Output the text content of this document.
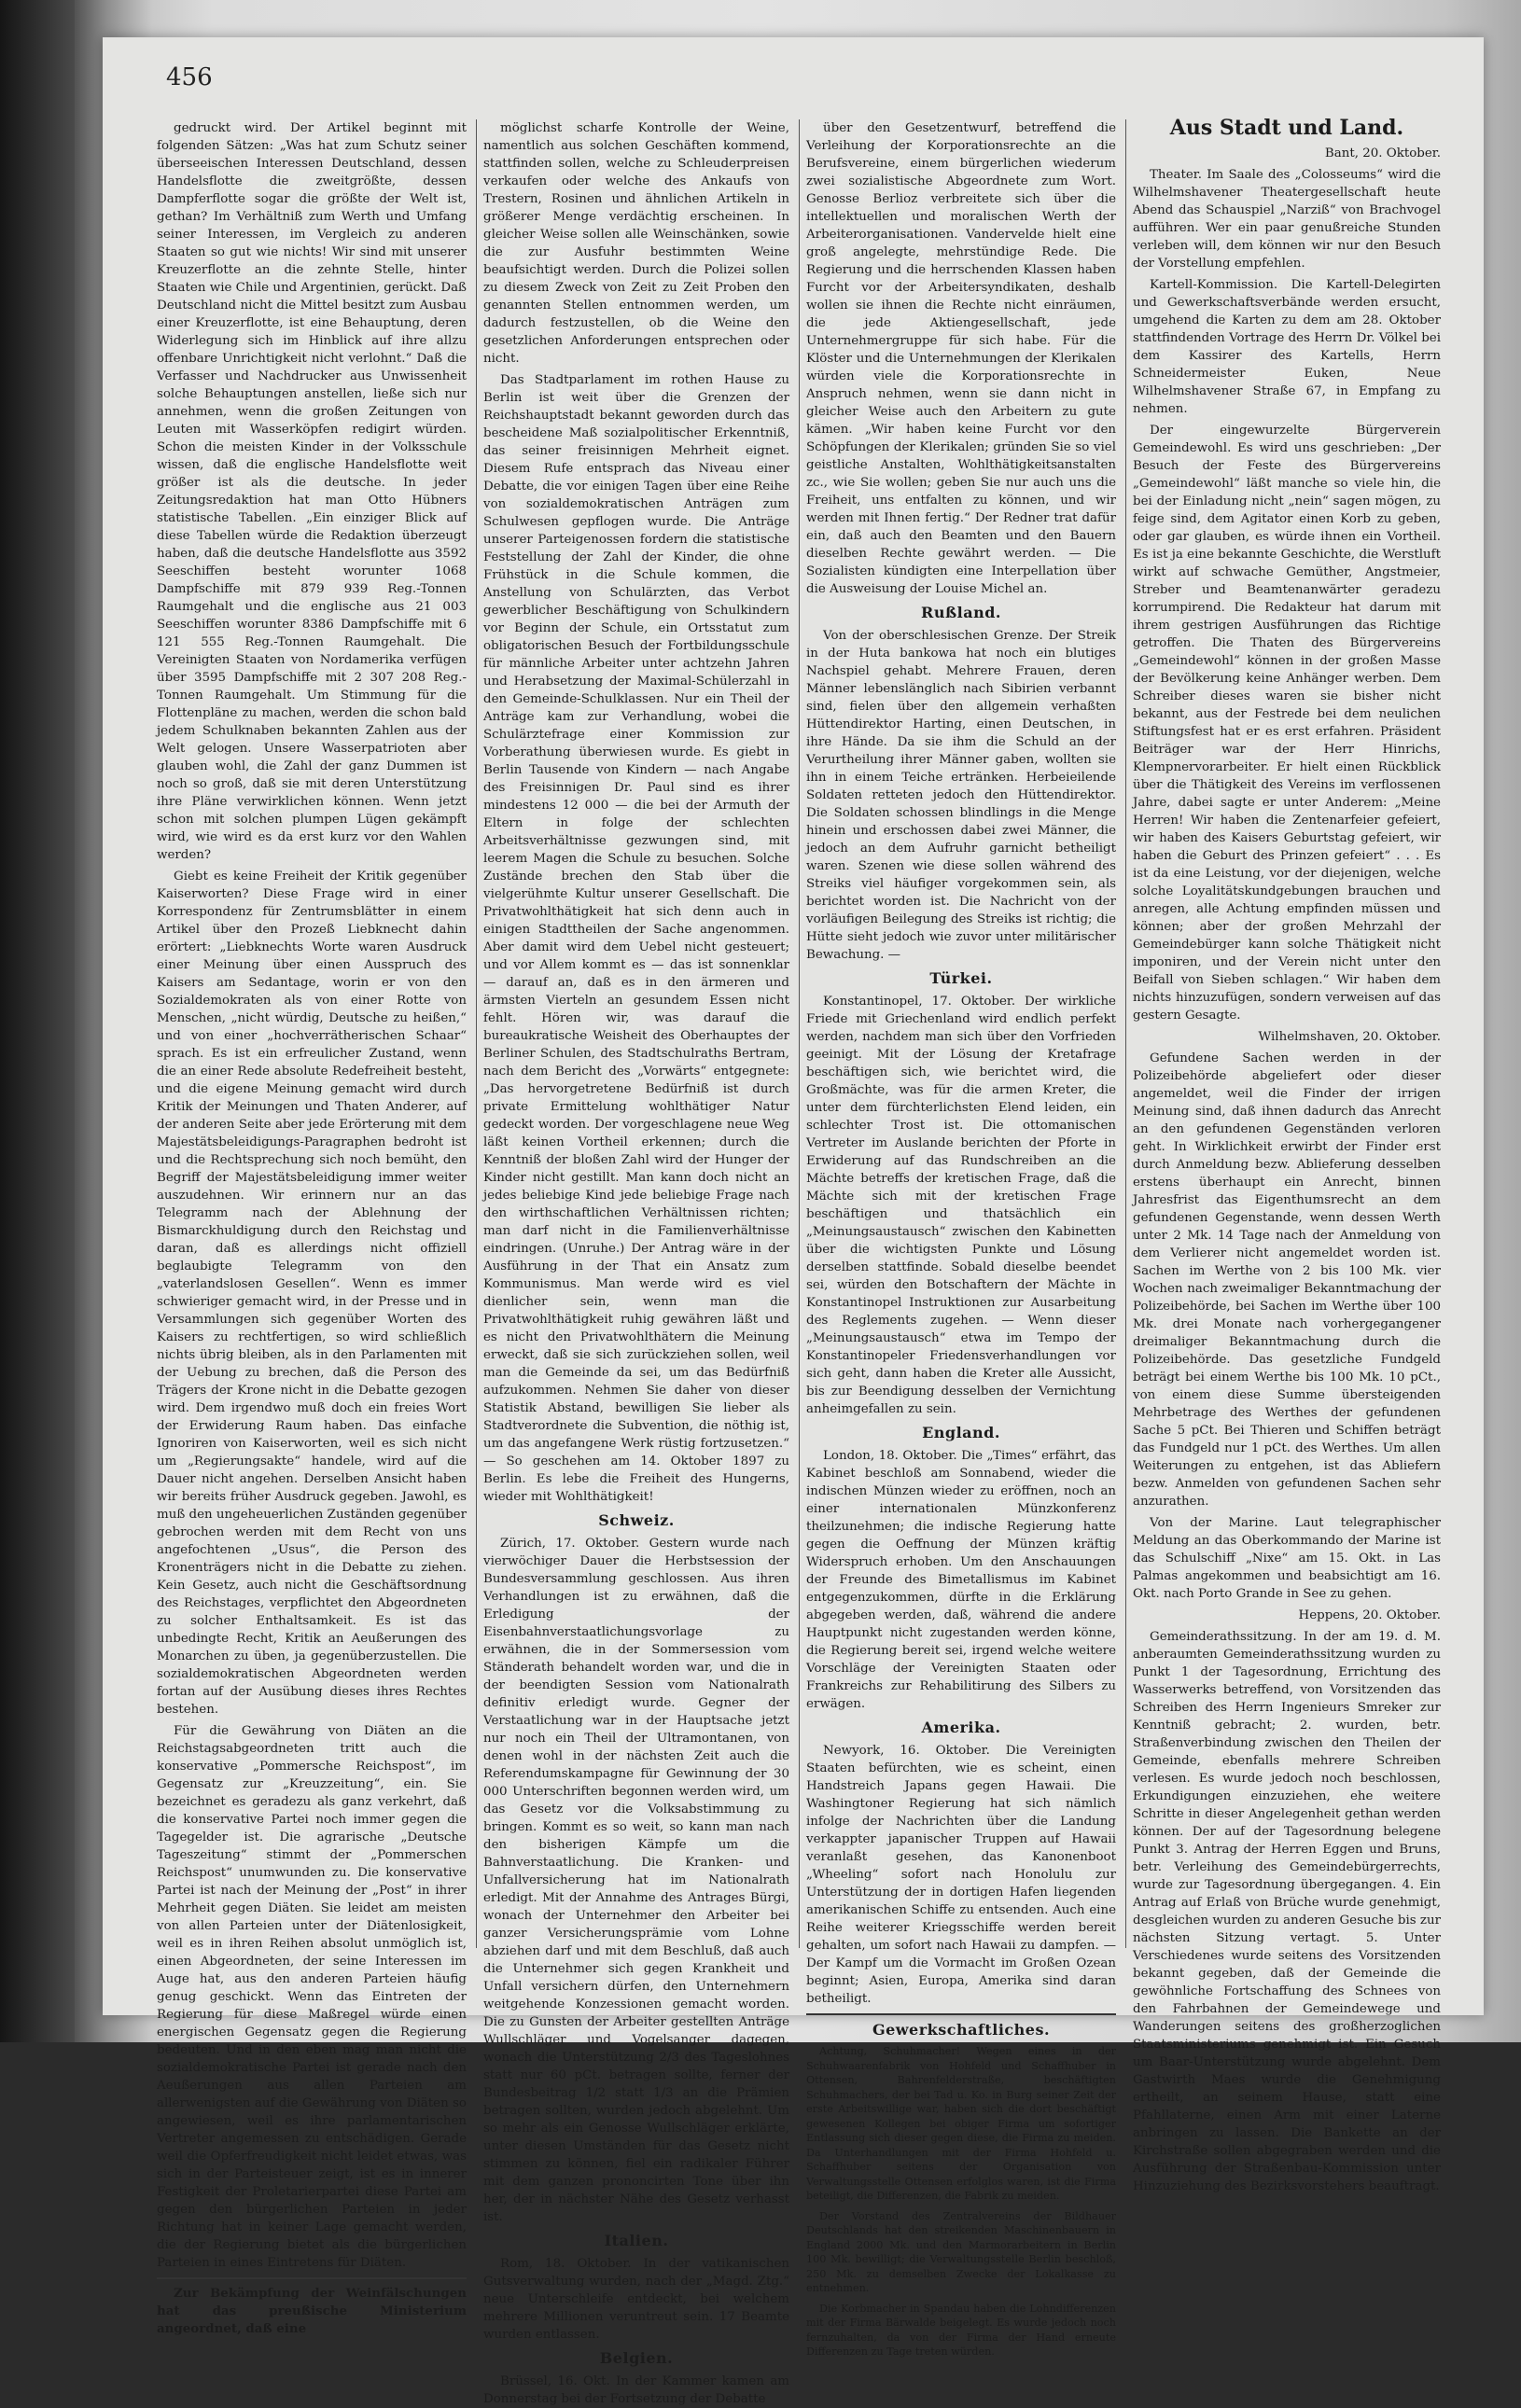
456

gedruckt wird. Der Artikel beginnt mit folgenden Sätzen: „Was hat zum Schutz seiner überseeischen Interessen Deutschland, dessen Handelsflotte die zweitgrößte, dessen Dampferflotte sogar die größte der Welt ist, gethan? Im Verhältniß zum Werth und Umfang seiner Interessen, im Vergleich zu anderen Staaten so gut wie nichts! Wir sind mit unserer Kreuzerflotte an die zehnte Stelle, hinter Staaten wie Chile und Argentinien, gerückt. Daß Deutschland nicht die Mittel besitzt zum Ausbau einer Kreuzerflotte, ist eine Behauptung, deren Widerlegung sich im Hinblick auf ihre allzu offenbare Unrichtigkeit nicht verlohnt.“ Daß die Verfasser und Nachdrucker aus Unwissenheit solche Behauptungen anstellen, ließe sich nur annehmen, wenn die großen Zeitungen von Leuten mit Wasserköpfen redigirt würden. Schon die meisten Kinder in der Volksschule wissen, daß die englische Handelsflotte weit größer ist als die deutsche. In jeder Zeitungsredaktion hat man Otto Hübners statistische Tabellen. „Ein einziger Blick auf diese Tabellen würde die Redaktion überzeugt haben, daß die deutsche Handelsflotte aus 3592 Seeschiffen besteht worunter 1068 Dampfschiffe mit 879 939 Reg.-Tonnen Raumgehalt und die englische aus 21 003 Seeschiffen worunter 8386 Dampfschiffe mit 6 121 555 Reg.-Tonnen Raumgehalt. Die Vereinigten Staaten von Nordamerika verfügen über 3595 Dampfschiffe mit 2 307 208 Reg.-Tonnen Raumgehalt. Um Stimmung für die Flottenpläne zu machen, werden die schon bald jedem Schulknaben bekannten Zahlen aus der Welt gelogen. Unsere Wasserpatrioten aber glauben wohl, die Zahl der ganz Dummen ist noch so groß, daß sie mit deren Unterstützung ihre Pläne verwirklichen können. Wenn jetzt schon mit solchen plumpen Lügen gekämpft wird, wie wird es da erst kurz vor den Wahlen werden?

Giebt es keine Freiheit der Kritik gegenüber Kaiserworten? Diese Frage wird in einer Korrespondenz für Zentrumsblätter in einem Artikel über den Prozeß Liebknecht dahin erörtert: „Liebknechts Worte waren Ausdruck einer Meinung über einen Ausspruch des Kaisers am Sedantage, worin er von den Sozialdemokraten als von einer Rotte von Menschen, „nicht würdig, Deutsche zu heißen,“ und von einer „hochverrätherischen Schaar“ sprach. Es ist ein erfreulicher Zustand, wenn die an einer Rede absolute Redefreiheit besteht, und die eigene Meinung gemacht wird durch Kritik der Meinungen und Thaten Anderer, auf der anderen Seite aber jede Erörterung mit dem Majestätsbeleidigungs-Paragraphen bedroht ist und die Rechtsprechung sich noch bemüht, den Begriff der Majestätsbeleidigung immer weiter auszudehnen. Wir erinnern nur an das Telegramm nach der Ablehnung der Bismarckhuldigung durch den Reichstag und daran, daß es allerdings nicht offiziell beglaubigte Telegramm von den „vaterlandslosen Gesellen“. Wenn es immer schwieriger gemacht wird, in der Presse und in Versammlungen sich gegenüber Worten des Kaisers zu rechtfertigen, so wird schließlich nichts übrig bleiben, als in den Parlamenten mit der Uebung zu brechen, daß die Person des Trägers der Krone nicht in die Debatte gezogen wird. Dem irgendwo muß doch ein freies Wort der Erwiderung Raum haben. Das einfache Ignoriren von Kaiserworten, weil es sich nicht um „Regierungsakte“ handele, wird auf die Dauer nicht angehen. Derselben Ansicht haben wir bereits früher Ausdruck gegeben. Jawohl, es muß den ungeheuerlichen Zuständen gegenüber gebrochen werden mit dem Recht von uns angefochtenen „Usus“, die Person des Kronenträgers nicht in die Debatte zu ziehen. Kein Gesetz, auch nicht die Geschäftsordnung des Reichstages, verpflichtet den Abgeordneten zu solcher Enthaltsamkeit. Es ist das unbedingte Recht, Kritik an Aeußerungen des Monarchen zu üben, ja gegenüberzustellen. Die sozialdemokratischen Abgeordneten werden fortan auf der Ausübung dieses ihres Rechtes bestehen.

Für die Gewährung von Diäten an die Reichstagsabgeordneten tritt auch die konservative „Pommersche Reichspost“, im Gegensatz zur „Kreuzzeitung“, ein. Sie bezeichnet es geradezu als ganz verkehrt, daß die konservative Partei noch immer gegen die Tagegelder ist. Die agrarische „Deutsche Tageszeitung“ stimmt der „Pommerschen Reichspost“ unumwunden zu. Die konservative Partei ist nach der Meinung der „Post“ in ihrer Mehrheit gegen Diäten. Sie leidet am meisten von allen Parteien unter der Diätenlosigkeit, weil es in ihren Reihen absolut unmöglich ist, einen Abgeordneten, der seine Interessen im Auge hat, aus den anderen Parteien häufig genug geschickt. Wenn das Eintreten der Regierung für diese Maßregel würde einen energischen Gegensatz gegen die Regierung bedeuten. Und in den eben mag man nicht die sozialdemokratische Partei ist gerade nach den Aeußerungen aus allen Parteien am allerwenigsten auf die Gewährung von Diäten so angewiesen, weil es ihre parlamentarischen Vertreter angemessen zu entschädigen. Gerade weil die Opferfreudigkeit nicht leidet etwas, was sich in der Parteisteuer zeigt, ist es in innerer Festigkeit der Proletarierpartei diese Partei am gegen den bürgerlichen Parteien in jeder Richtung hat in keiner Lage gemacht werden, die der Regierung bietet als die bürgerlichen Parteien in eines Eintretens für Diäten.

Zur Bekämpfung der Weinfälschungen hat das preußische Ministerium angeordnet, daß eine

möglichst scharfe Kontrolle der Weine, namentlich aus solchen Geschäften kommend, stattfinden sollen, welche zu Schleuderpreisen verkaufen oder welche des Ankaufs von Trestern, Rosinen und ähnlichen Artikeln in größerer Menge verdächtig erscheinen. In gleicher Weise sollen alle Weinschänken, sowie die zur Ausfuhr bestimmten Weine beaufsichtigt werden. Durch die Polizei sollen zu diesem Zweck von Zeit zu Zeit Proben den genannten Stellen entnommen werden, um dadurch festzustellen, ob die Weine den gesetzlichen Anforderungen entsprechen oder nicht.

Das Stadtparlament im rothen Hause zu Berlin ist weit über die Grenzen der Reichshauptstadt bekannt geworden durch das bescheidene Maß sozialpolitischer Erkenntniß, das seiner freisinnigen Mehrheit eignet. Diesem Rufe entsprach das Niveau einer Debatte, die vor einigen Tagen über eine Reihe von sozialdemokratischen Anträgen zum Schulwesen gepflogen wurde. Die Anträge unserer Parteigenossen fordern die statistische Feststellung der Zahl der Kinder, die ohne Frühstück in die Schule kommen, die Anstellung von Schulärzten, das Verbot gewerblicher Beschäftigung von Schulkindern vor Beginn der Schule, ein Ortsstatut zum obligatorischen Besuch der Fortbildungsschule für männliche Arbeiter unter achtzehn Jahren und Herabsetzung der Maximal-Schülerzahl in den Gemeinde-Schulklassen. Nur ein Theil der Anträge kam zur Verhandlung, wobei die Schulärztefrage einer Kommission zur Vorberathung überwiesen wurde. Es giebt in Berlin Tausende von Kindern — nach Angabe des Freisinnigen Dr. Paul sind es ihrer mindestens 12 000 — die bei der Armuth der Eltern in folge der schlechten Arbeitsverhältnisse gezwungen sind, mit leerem Magen die Schule zu besuchen. Solche Zustände brechen den Stab über die vielgerühmte Kultur unserer Gesellschaft. Die Privatwohlthätigkeit hat sich denn auch in einigen Stadttheilen der Sache angenommen. Aber damit wird dem Uebel nicht gesteuert; und vor Allem kommt es — das ist sonnenklar — darauf an, daß es in den ärmeren und ärmsten Vierteln an gesundem Essen nicht fehlt. Hören wir, was darauf die bureaukratische Weisheit des Oberhauptes der Berliner Schulen, des Stadtschulraths Bertram, nach dem Bericht des „Vorwärts“ entgegnete: „Das hervorgetretene Bedürfniß ist durch private Ermittelung wohlthätiger Natur gedeckt worden. Der vorgeschlagene neue Weg läßt keinen Vortheil erkennen; durch die Kenntniß der bloßen Zahl wird der Hunger der Kinder nicht gestillt. Man kann doch nicht an jedes beliebige Kind jede beliebige Frage nach den wirthschaftlichen Verhältnissen richten; man darf nicht in die Familienverhältnisse eindringen. (Unruhe.) Der Antrag wäre in der Ausführung in der That ein Ansatz zum Kommunismus. Man werde wird es viel dienlicher sein, wenn man die Privatwohlthätigkeit ruhig gewähren läßt und es nicht den Privatwohlthätern die Meinung erweckt, daß sie sich zurückziehen sollen, weil man die Gemeinde da sei, um das Bedürfniß aufzukommen. Nehmen Sie daher von dieser Statistik Abstand, bewilligen Sie lieber als Stadtverordnete die Subvention, die nöthig ist, um das angefangene Werk rüstig fortzusetzen.“ — So geschehen am 14. Oktober 1897 zu Berlin. Es lebe die Freiheit des Hungerns, wieder mit Wohlthätigkeit!

Schweiz.

Zürich, 17. Oktober. Gestern wurde nach vierwöchiger Dauer die Herbstsession der Bundesversammlung geschlossen. Aus ihren Verhandlungen ist zu erwähnen, daß die Erledigung der Eisenbahnverstaatlichungsvorlage zu erwähnen, die in der Sommersession vom Ständerath behandelt worden war, und die in der beendigten Session vom Nationalrath definitiv erledigt wurde. Gegner der Verstaatlichung war in der Hauptsache jetzt nur noch ein Theil der Ultramontanen, von denen wohl in der nächsten Zeit auch die Referendumskampagne für Gewinnung der 30 000 Unterschriften begonnen werden wird, um das Gesetz vor die Volksabstimmung zu bringen. Kommt es so weit, so kann man nach den bisherigen Kämpfe um die Bahnverstaatlichung. Die Kranken- und Unfallversicherung hat im Nationalrath erledigt. Mit der Annahme des Antrages Bürgi, wonach der Unternehmer den Arbeiter bei ganzer Versicherungsprämie vom Lohne abziehen darf und mit dem Beschluß, daß auch die Unternehmer sich gegen Krankheit und Unfall versichern dürfen, den Unternehmern weitgehende Konzessionen gemacht worden. Die zu Gunsten der Arbeiter gestellten Anträge Wullschläger und Vogelsanger dagegen, wonach die Unterstützung 2/3 des Tageslohnes statt nur 60 pCt. betragen sollte, ferner der Bundesbeitrag 1/2 statt 1/3 an die Prämien betragen sollten, wurden jedoch abgelehnt. Um so mehr als ein Genosse Wullschläger erklärte, unter diesen Umständen für das Gesetz nicht stimmen zu können, fiel ein radikaler Führer mit dem ganzen prononcirten Tone über ihn her, der in nächster Nähe des Gesetz verhasst ist.

Italien.

Rom, 18. Oktober. In der vatikanischen Gutsverwaltung wurden, nach der „Magd. Ztg.“ neue Unterschleife entdeckt, bei welchem mehrere Millionen veruntreut sein. 17 Beamte wurden entlassen.

Belgien.

Brüssel, 16. Okt. In der Kammer kamen am Donnerstag bei der Fortsetzung der Debatte

über den Gesetzentwurf, betreffend die Verleihung der Korporationsrechte an die Berufsvereine, einem bürgerlichen wiederum zwei sozialistische Abgeordnete zum Wort. Genosse Berlioz verbreitete sich über die intellektuellen und moralischen Werth der Arbeiterorganisationen. Vandervelde hielt eine groß angelegte, mehrstündige Rede. Die Regierung und die herrschenden Klassen haben Furcht vor der Arbeitersyndikaten, deshalb wollen sie ihnen die Rechte nicht einräumen, die jede Aktiengesellschaft, jede Unternehmergruppe für sich habe. Für die Klöster und die Unternehmungen der Klerikalen würden viele die Korporationsrechte in Anspruch nehmen, wenn sie dann nicht in gleicher Weise auch den Arbeitern zu gute kämen. „Wir haben keine Furcht vor den Schöpfungen der Klerikalen; gründen Sie so viel geistliche Anstalten, Wohlthätigkeitsanstalten zc., wie Sie wollen; geben Sie nur auch uns die Freiheit, uns entfalten zu können, und wir werden mit Ihnen fertig.“ Der Redner trat dafür ein, daß auch den Beamten und den Bauern dieselben Rechte gewährt werden. — Die Sozialisten kündigten eine Interpellation über die Ausweisung der Louise Michel an.

Rußland.

Von der oberschlesischen Grenze. Der Streik in der Huta bankowa hat noch ein blutiges Nachspiel gehabt. Mehrere Frauen, deren Männer lebenslänglich nach Sibirien verbannt sind, fielen über den allgemein verhaßten Hüttendirektor Harting, einen Deutschen, in ihre Hände. Da sie ihm die Schuld an der Verurtheilung ihrer Männer gaben, wollten sie ihn in einem Teiche ertränken. Herbeieilende Soldaten retteten jedoch den Hüttendirektor. Die Soldaten schossen blindlings in die Menge hinein und erschossen dabei zwei Männer, die jedoch an dem Aufruhr garnicht betheiligt waren. Szenen wie diese sollen während des Streiks viel häufiger vorgekommen sein, als berichtet worden ist. Die Nachricht von der vorläufigen Beilegung des Streiks ist richtig; die Hütte sieht jedoch wie zuvor unter militärischer Bewachung. —

Türkei.

Konstantinopel, 17. Oktober. Der wirkliche Friede mit Griechenland wird endlich perfekt werden, nachdem man sich über den Vorfrieden geeinigt. Mit der Lösung der Kretafrage beschäftigen sich, wie berichtet wird, die Großmächte, was für die armen Kreter, die unter dem fürchterlichsten Elend leiden, ein schlechter Trost ist. Die ottomanischen Vertreter im Auslande berichten der Pforte in Erwiderung auf das Rundschreiben an die Mächte betreffs der kretischen Frage, daß die Mächte sich mit der kretischen Frage beschäftigen und thatsächlich ein „Meinungsaustausch“ zwischen den Kabinetten über die wichtigsten Punkte und Lösung derselben stattfinde. Sobald dieselbe beendet sei, würden den Botschaftern der Mächte in Konstantinopel Instruktionen zur Ausarbeitung des Reglements zugehen. — Wenn dieser „Meinungsaustausch“ etwa im Tempo der Konstantinopeler Friedensverhandlungen vor sich geht, dann haben die Kreter alle Aussicht, bis zur Beendigung desselben der Vernichtung anheimgefallen zu sein.

England.

London, 18. Oktober. Die „Times“ erfährt, das Kabinet beschloß am Sonnabend, wieder die indischen Münzen wieder zu eröffnen, noch an einer internationalen Münzkonferenz theilzunehmen; die indische Regierung hatte gegen die Oeffnung der Münzen kräftig Widerspruch erhoben. Um den Anschauungen der Freunde des Bimetallismus im Kabinet entgegenzukommen, dürfte in die Erklärung abgegeben werden, daß, während die andere Hauptpunkt nicht zugestanden werden könne, die Regierung bereit sei, irgend welche weitere Vorschläge der Vereinigten Staaten oder Frankreichs zur Rehabilitirung des Silbers zu erwägen.

Amerika.

Newyork, 16. Oktober. Die Vereinigten Staaten befürchten, wie es scheint, einen Handstreich Japans gegen Hawaii. Die Washingtoner Regierung hat sich nämlich infolge der Nachrichten über die Landung verkappter japanischer Truppen auf Hawaii veranlaßt gesehen, das Kanonenboot „Wheeling“ sofort nach Honolulu zur Unterstützung der in dortigen Hafen liegenden amerikanischen Schiffe zu entsenden. Auch eine Reihe weiterer Kriegsschiffe werden bereit gehalten, um sofort nach Hawaii zu dampfen. — Der Kampf um die Vormacht im Großen Ozean beginnt; Asien, Europa, Amerika sind daran betheiligt.

Gewerkschaftliches.

Achtung, Schuhmacher! Wegen eines in der Schuhwaarenfabrik von Hohfeld und Schaffhuber in Ottensen, Bahrenfelderstraße, beschäftigten Schuhmachers, der bei Tad u. Ko. in Burg seiner Zeit der erste Arbeitswillige war, haben sich die dort beschäftigt gewesenen Kollegen bei obiger Firma um sofortiger Entlassung sich dieser gegen diese, die Firma zu meiden. Da Unterhandlungen mit der Firma Hohfeld u. Schaffhuber seitens der Organisation von Verwaltungsstelle Ottensen erfolglos waren, ist die Firma beteiligt, die Differenzen, die Fabrik zu meiden.

Der Vorstand des Zentralvereins der Bildhauer Deutschlands hat den streikenden Maschinenbauern in England 2000 Mk. und den Marmorarbeitern in Berlin 100 Mk. bewilligt; die Verwaltungsstelle Berlin beschloß, 250 Mk. zu demselben Zwecke der Lokalkasse zu entnehmen.

Die Korbmacher in Spandau haben die Lohndifferenzen mit der Firma Bärwalde beigelegt. Es wurde jedoch noch fernzuhalten, da von der Firma der Hand erneute Differenzen zu Tage treten würden.

Aus Stadt und Land.

Bant, 20. Oktober.

Theater. Im Saale des „Colosseums“ wird die Wilhelmshavener Theatergesellschaft heute Abend das Schauspiel „Narziß“ von Brachvogel aufführen. Wer ein paar genußreiche Stunden verleben will, dem können wir nur den Besuch der Vorstellung empfehlen.

Kartell-Kommission. Die Kartell-Delegirten und Gewerkschaftsverbände werden ersucht, umgehend die Karten zu dem am 28. Oktober stattfindenden Vortrage des Herrn Dr. Völkel bei dem Kassirer des Kartells, Herrn Schneidermeister Euken, Neue Wilhelmshavener Straße 67, in Empfang zu nehmen.

Der eingewurzelte Bürgerverein Gemeindewohl. Es wird uns geschrieben: „Der Besuch der Feste des Bürgervereins „Gemeindewohl“ läßt manche so viele hin, die bei der Einladung nicht „nein“ sagen mögen, zu feige sind, dem Agitator einen Korb zu geben, oder gar glauben, es würde ihnen ein Vortheil. Es ist ja eine bekannte Geschichte, die Werstluft wirkt auf schwache Gemüther, Angstmeier, Streber und Beamtenanwärter geradezu korrumpirend. Die Redakteur hat darum mit ihrem gestrigen Ausführungen das Richtige getroffen. Die Thaten des Bürgervereins „Gemeindewohl“ können in der großen Masse der Bevölkerung keine Anhänger werben. Dem Schreiber dieses waren sie bisher nicht bekannt, aus der Festrede bei dem neulichen Stiftungsfest hat er es erst erfahren. Präsident Beiträger war der Herr Hinrichs, Klempnervorarbeiter. Er hielt einen Rückblick über die Thätigkeit des Vereins im verflossenen Jahre, dabei sagte er unter Anderem: „Meine Herren! Wir haben die Zentenarfeier gefeiert, wir haben des Kaisers Geburtstag gefeiert, wir haben die Geburt des Prinzen gefeiert“ . . . Es ist da eine Leistung, vor der diejenigen, welche solche Loyalitätskundgebungen brauchen und anregen, alle Achtung empfinden müssen und können; aber der großen Mehrzahl der Gemeindebürger kann solche Thätigkeit nicht imponiren, und der Verein nicht unter den Beifall von Sieben schlagen.“ Wir haben dem nichts hinzuzufügen, sondern verweisen auf das gestern Gesagte.

Wilhelmshaven, 20. Oktober.

Gefundene Sachen werden in der Polizeibehörde abgeliefert oder dieser angemeldet, weil die Finder der irrigen Meinung sind, daß ihnen dadurch das Anrecht an den gefundenen Gegenständen verloren geht. In Wirklichkeit erwirbt der Finder erst durch Anmeldung bezw. Ablieferung desselben erstens überhaupt ein Anrecht, binnen Jahresfrist das Eigenthumsrecht an dem gefundenen Gegenstande, wenn dessen Werth unter 2 Mk. 14 Tage nach der Anmeldung von dem Verlierer nicht angemeldet worden ist. Sachen im Werthe von 2 bis 100 Mk. vier Wochen nach zweimaliger Bekanntmachung der Polizeibehörde, bei Sachen im Werthe über 100 Mk. drei Monate nach vorhergegangener dreimaliger Bekanntmachung durch die Polizeibehörde. Das gesetzliche Fundgeld beträgt bei einem Werthe bis 100 Mk. 10 pCt., von einem diese Summe übersteigenden Mehrbetrage des Werthes der gefundenen Sache 5 pCt. Bei Thieren und Schiffen beträgt das Fundgeld nur 1 pCt. des Werthes. Um allen Weiterungen zu entgehen, ist das Abliefern bezw. Anmelden von gefundenen Sachen sehr anzurathen.

Von der Marine. Laut telegraphischer Meldung an das Oberkommando der Marine ist das Schulschiff „Nixe“ am 15. Okt. in Las Palmas angekommen und beabsichtigt am 16. Okt. nach Porto Grande in See zu gehen.

Heppens, 20. Oktober.

Gemeinderathssitzung. In der am 19. d. M. anberaumten Gemeinderathssitzung wurden zu Punkt 1 der Tagesordnung, Errichtung des Wasserwerks betreffend, von Vorsitzenden das Schreiben des Herrn Ingenieurs Smreker zur Kenntniß gebracht; 2. wurden, betr. Straßenverbindung zwischen den Theilen der Gemeinde, ebenfalls mehrere Schreiben verlesen. Es wurde jedoch noch beschlossen, Erkundigungen einzuziehen, ehe weitere Schritte in dieser Angelegenheit gethan werden können. Der auf der Tagesordnung belegene Punkt 3. Antrag der Herren Eggen und Bruns, betr. Verleihung des Gemeindebürgerrechts, wurde zur Tagesordnung übergegangen. 4. Ein Antrag auf Erlaß von Brüche wurde genehmigt, desgleichen wurden zu anderen Gesuche bis zur nächsten Sitzung vertagt. 5. Unter Verschiedenes wurde seitens des Vorsitzenden bekannt gegeben, daß der Gemeinde die gewöhnliche Fortschaffung des Schnees von den Fahrbahnen der Gemeindewege und Wanderungen seitens des großherzoglichen Staatsministeriums genehmigt ist. Ein Gesuch um Baar-Unterstützung wurde abgelehnt. Dem Gastwirth Maes wurde die Genehmigung ertheilt, an seinem Hause, statt eine Pfahllaterne, einen Arm mit einer Laterne anbringen zu lassen. Die Bankette an der Kirchstraße sollen abgegraben werden und die Ausführung der Straßenbau-Kommission unter Hinzuziehung des Bezirksvorstehers beauftragt.
